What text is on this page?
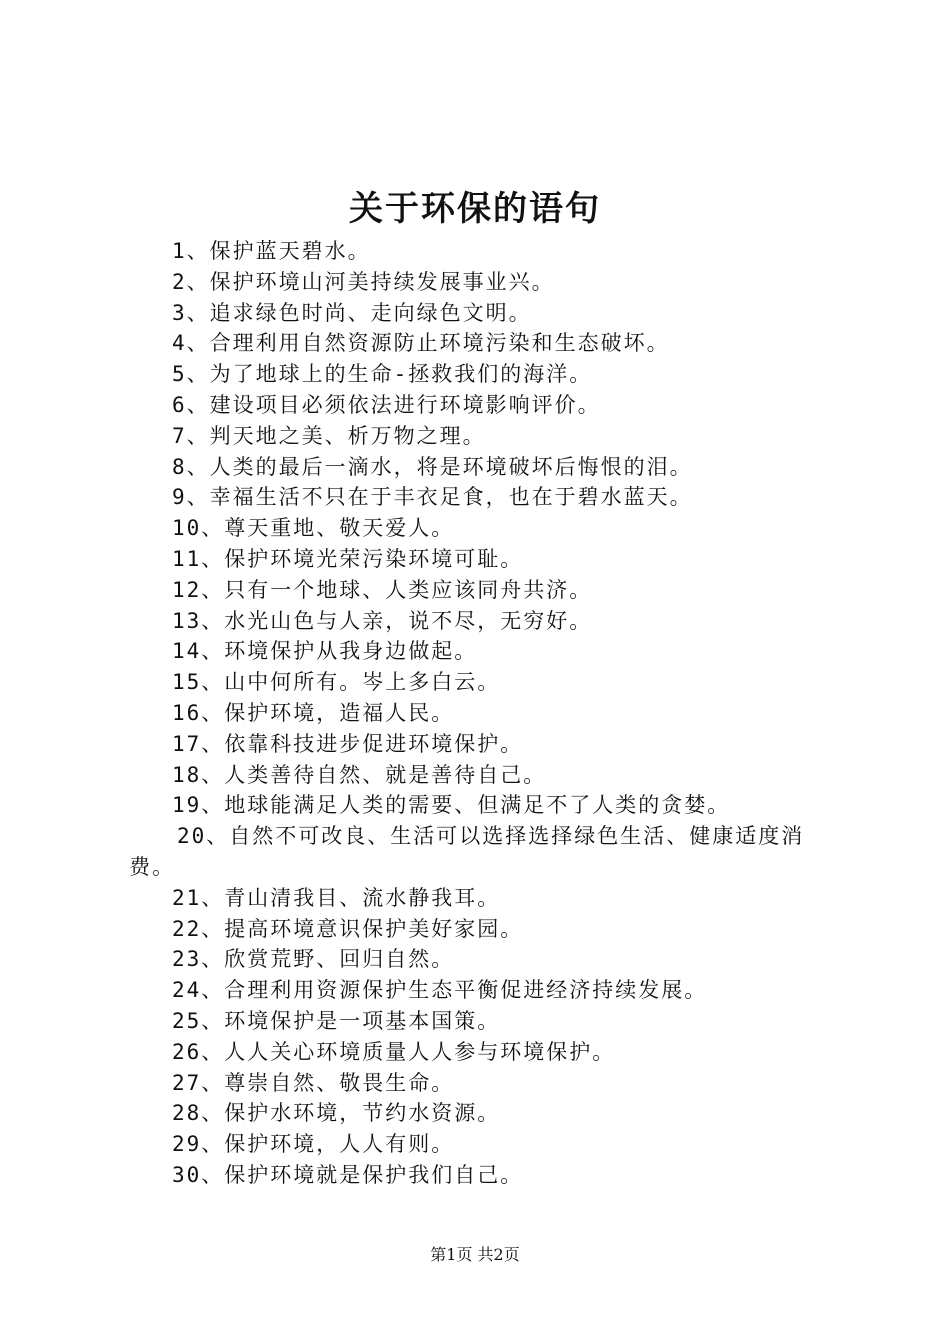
关于环保的语句
1、保护蓝天碧水。
2、保护环境山河美持续发展事业兴。
3、追求绿色时尚、走向绿色文明。
4、合理利用自然资源防止环境污染和生态破坏。
5、为了地球上的生命-拯救我们的海洋。
6、建设项目必须依法进行环境影响评价。
7、判天地之美、析万物之理。
8、人类的最后一滴水，将是环境破坏后悔恨的泪。
9、幸福生活不只在于丰衣足食，也在于碧水蓝天。
10、尊天重地、敬天爱人。
11、保护环境光荣污染环境可耻。
12、只有一个地球、人类应该同舟共济。
13、水光山色与人亲，说不尽，无穷好。
14、环境保护从我身边做起。
15、山中何所有。岑上多白云。
16、保护环境，造福人民。
17、依靠科技进步促进环境保护。
18、人类善待自然、就是善待自己。
19、地球能满足人类的需要、但满足不了人类的贪婪。
20、自然不可改良、生活可以选择选择绿色生活、健康适度消费。
21、青山清我目、流水静我耳。
22、提高环境意识保护美好家园。
23、欣赏荒野、回归自然。
24、合理利用资源保护生态平衡促进经济持续发展。
25、环境保护是一项基本国策。
26、人人关心环境质量人人参与环境保护。
27、尊崇自然、敬畏生命。
28、保护水环境，节约水资源。
29、保护环境，人人有则。
30、保护环境就是保护我们自己。
第1页 共2页
